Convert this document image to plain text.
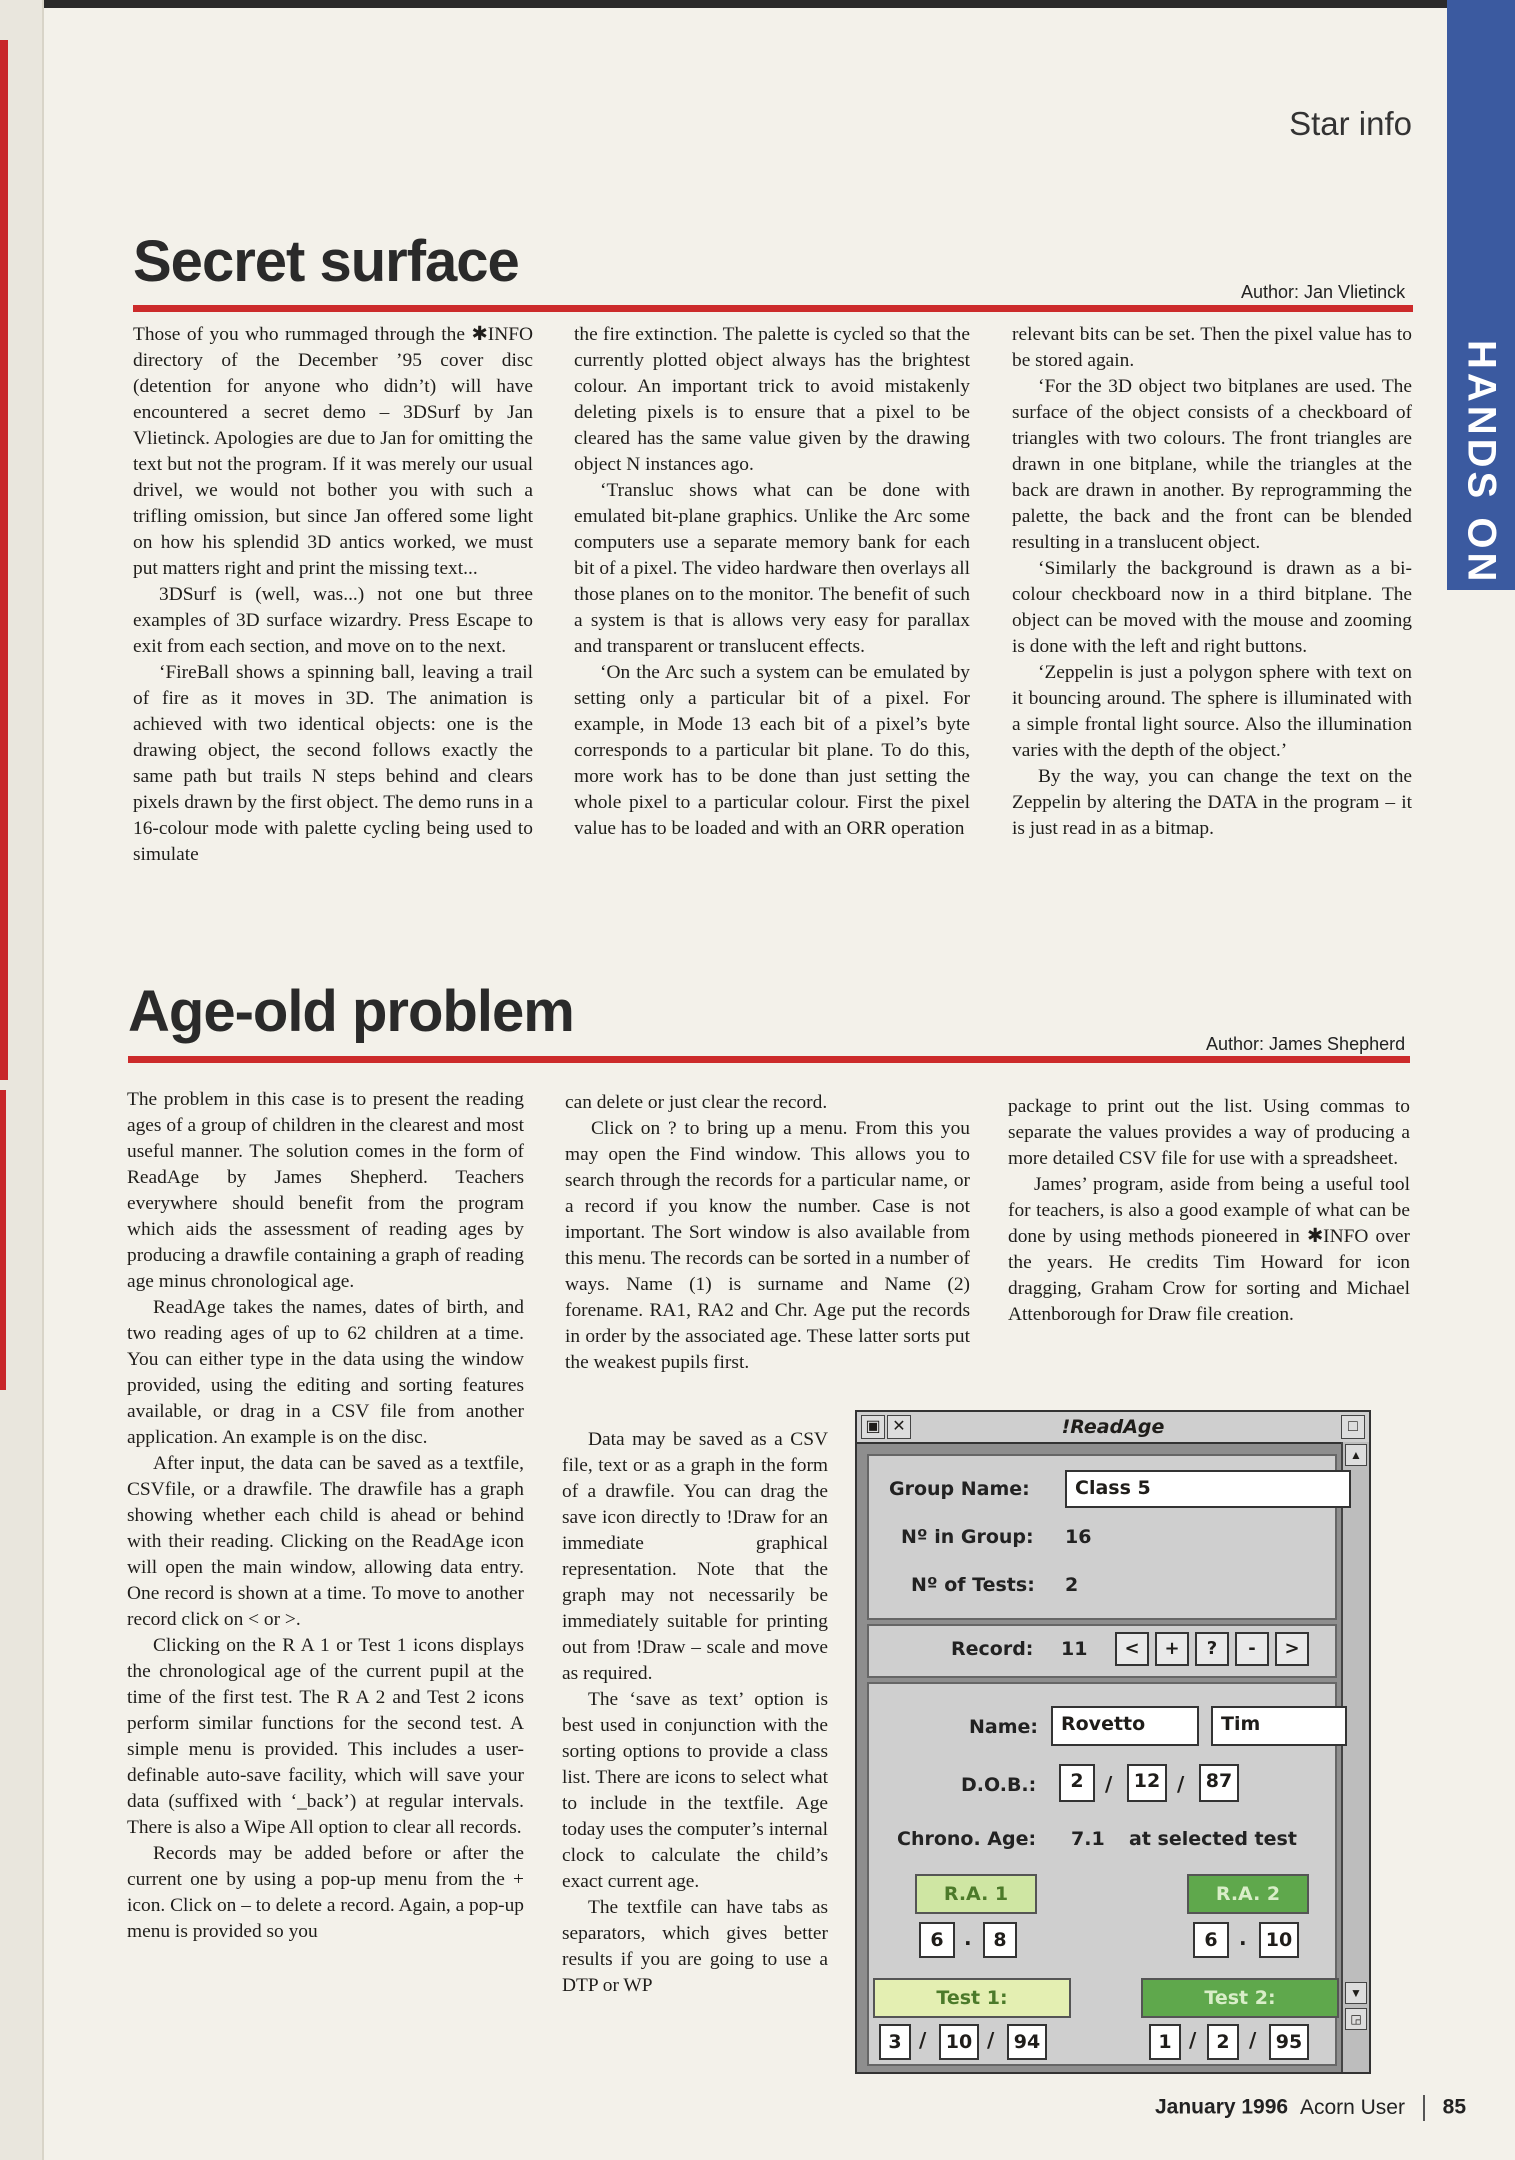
HANDS ON
Star info
Secret surface	Author: Jan Vlietinck

Those of you who rummaged through the ✱INFO directory of the December ’95 cover disc (detention for anyone who didn’t) will have encountered a secret demo – 3DSurf by Jan Vlietinck. Apologies are due to Jan for omitting the text but not the program. If it was merely our usual drivel, we would not bother you with such a trifling omission, but since Jan offered some light on how his splendid 3D antics worked, we must put matters right and print the missing text...

3DSurf is (well, was...) not one but three examples of 3D surface wizardry. Press Escape to exit from each section, and move on to the next.

‘FireBall shows a spinning ball, leaving a trail of fire as it moves in 3D. The animation is achieved with two identical objects: one is the drawing object, the second follows exactly the same path but trails N steps behind and clears pixels drawn by the first object. The demo runs in a 16-colour mode with palette cycling being used to simulate

the fire extinction. The palette is cycled so that the currently plotted object always has the brightest colour. An important trick to avoid mistakenly deleting pixels is to ensure that a pixel to be cleared has the same value given by the drawing object N instances ago.

‘Transluc shows what can be done with emulated bit-plane graphics. Unlike the Arc some computers use a separate memory bank for each bit of a pixel. The video hardware then overlays all those planes on to the monitor. The benefit of such a system is that is allows very easy for parallax and transparent or translucent effects.

‘On the Arc such a system can be emulated by setting only a particular bit of a pixel. For example, in Mode 13 each bit of a pixel’s byte corresponds to a particular bit plane. To do this, more work has to be done than just setting the whole pixel to a particular colour. First the pixel value has to be loaded and with an ORR operation

relevant bits can be set. Then the pixel value has to be stored again.

‘For the 3D object two bitplanes are used. The surface of the object consists of a checkboard of triangles with two colours. The front triangles are drawn in one bitplane, while the triangles at the back are drawn in another. By reprogramming the palette, the back and the front can be blended resulting in a translucent object.

‘Similarly the background is drawn as a bi-colour checkboard now in a third bitplane. The object can be moved with the mouse and zooming is done with the left and right buttons.

‘Zeppelin is just a polygon sphere with text on it bouncing around. The sphere is illuminated with a simple frontal light source. Also the illumination varies with the depth of the object.’

By the way, you can change the text on the Zeppelin by altering the DATA in the program – it is just read in as a bitmap.

Age-old problem	Author: James Shepherd

The problem in this case is to present the reading ages of a group of children in the clearest and most useful manner. The solution comes in the form of ReadAge by James Shepherd. Teachers everywhere should benefit from the program which aids the assessment of reading ages by producing a drawfile containing a graph of reading age minus chronological age.

ReadAge takes the names, dates of birth, and two reading ages of up to 62 children at a time. You can either type in the data using the window provided, using the editing and sorting features available, or drag in a CSV file from another application. An example is on the disc.

After input, the data can be saved as a textfile, CSVfile, or a drawfile. The drawfile has a graph showing whether each child is ahead or behind with their reading. Clicking on the ReadAge icon will open the main window, allowing data entry. One record is shown at a time. To move to another record click on < or >.

Clicking on the R A 1 or Test 1 icons displays the chronological age of the current pupil at the time of the first test. The R A 2 and Test 2 icons perform similar functions for the second test. A simple menu is provided. This includes a user-definable auto-save facility, which will save your data (suffixed with ‘_back’) at regular intervals. There is also a Wipe All option to clear all records.

Records may be added before or after the current one by using a pop-up menu from the + icon. Click on – to delete a record. Again, a pop-up menu is provided so you

can delete or just clear the record.

Click on ? to bring up a menu. From this you may open the Find window. This allows you to search through the records for a particular name, or a record if you know the number. Case is not important. The Sort window is also available from this menu. The records can be sorted in a number of ways. Name (1) is surname and Name (2) forename. RA1, RA2 and Chr. Age put the records in order by the associated age. These latter sorts put the weakest pupils first.

Data may be saved as a CSV file, text or as a graph in the form of a drawfile. You can drag the save icon directly to !Draw for an immediate graphical representation. Note that the graph may not necessarily be immediately suitable for printing out from !Draw – scale and move as required.

The ‘save as text’ option is best used in conjunction with the sorting options to provide a class list. There are icons to select what to include in the textfile. Age today uses the computer’s internal clock to calculate the child’s exact current age.

The textfile can have tabs as separators, which gives better results if you are going to use a DTP or WP

package to print out the list. Using commas to separate the values provides a way of producing a more detailed CSV file for use with a spreadsheet.

James’ program, aside from being a useful tool for teachers, is also a good example of what can be done by using methods pioneered in ✱INFO over the years. He credits Tim Howard for icon dragging, Graham Crow for sorting and Michael Attenborough for Draw file creation.

!ReadAge
▣ ✕	□
▲
▼
◲
Group Name:	Class 5
Nº in Group: 16
Nº of Tests: 2
Record: 11	<	+	?	-	>
Name:	Rovetto	Tim
D.O.B.:	2	/	12 /	87
Chrono. Age: 7.1 at selected test
R.A. 1
6	.	8
R.A. 2
6	.	10
Test 1:
3 /	10 /	94
Test 2:
1 /	2 /	95
January 1996 Acorn User 85
